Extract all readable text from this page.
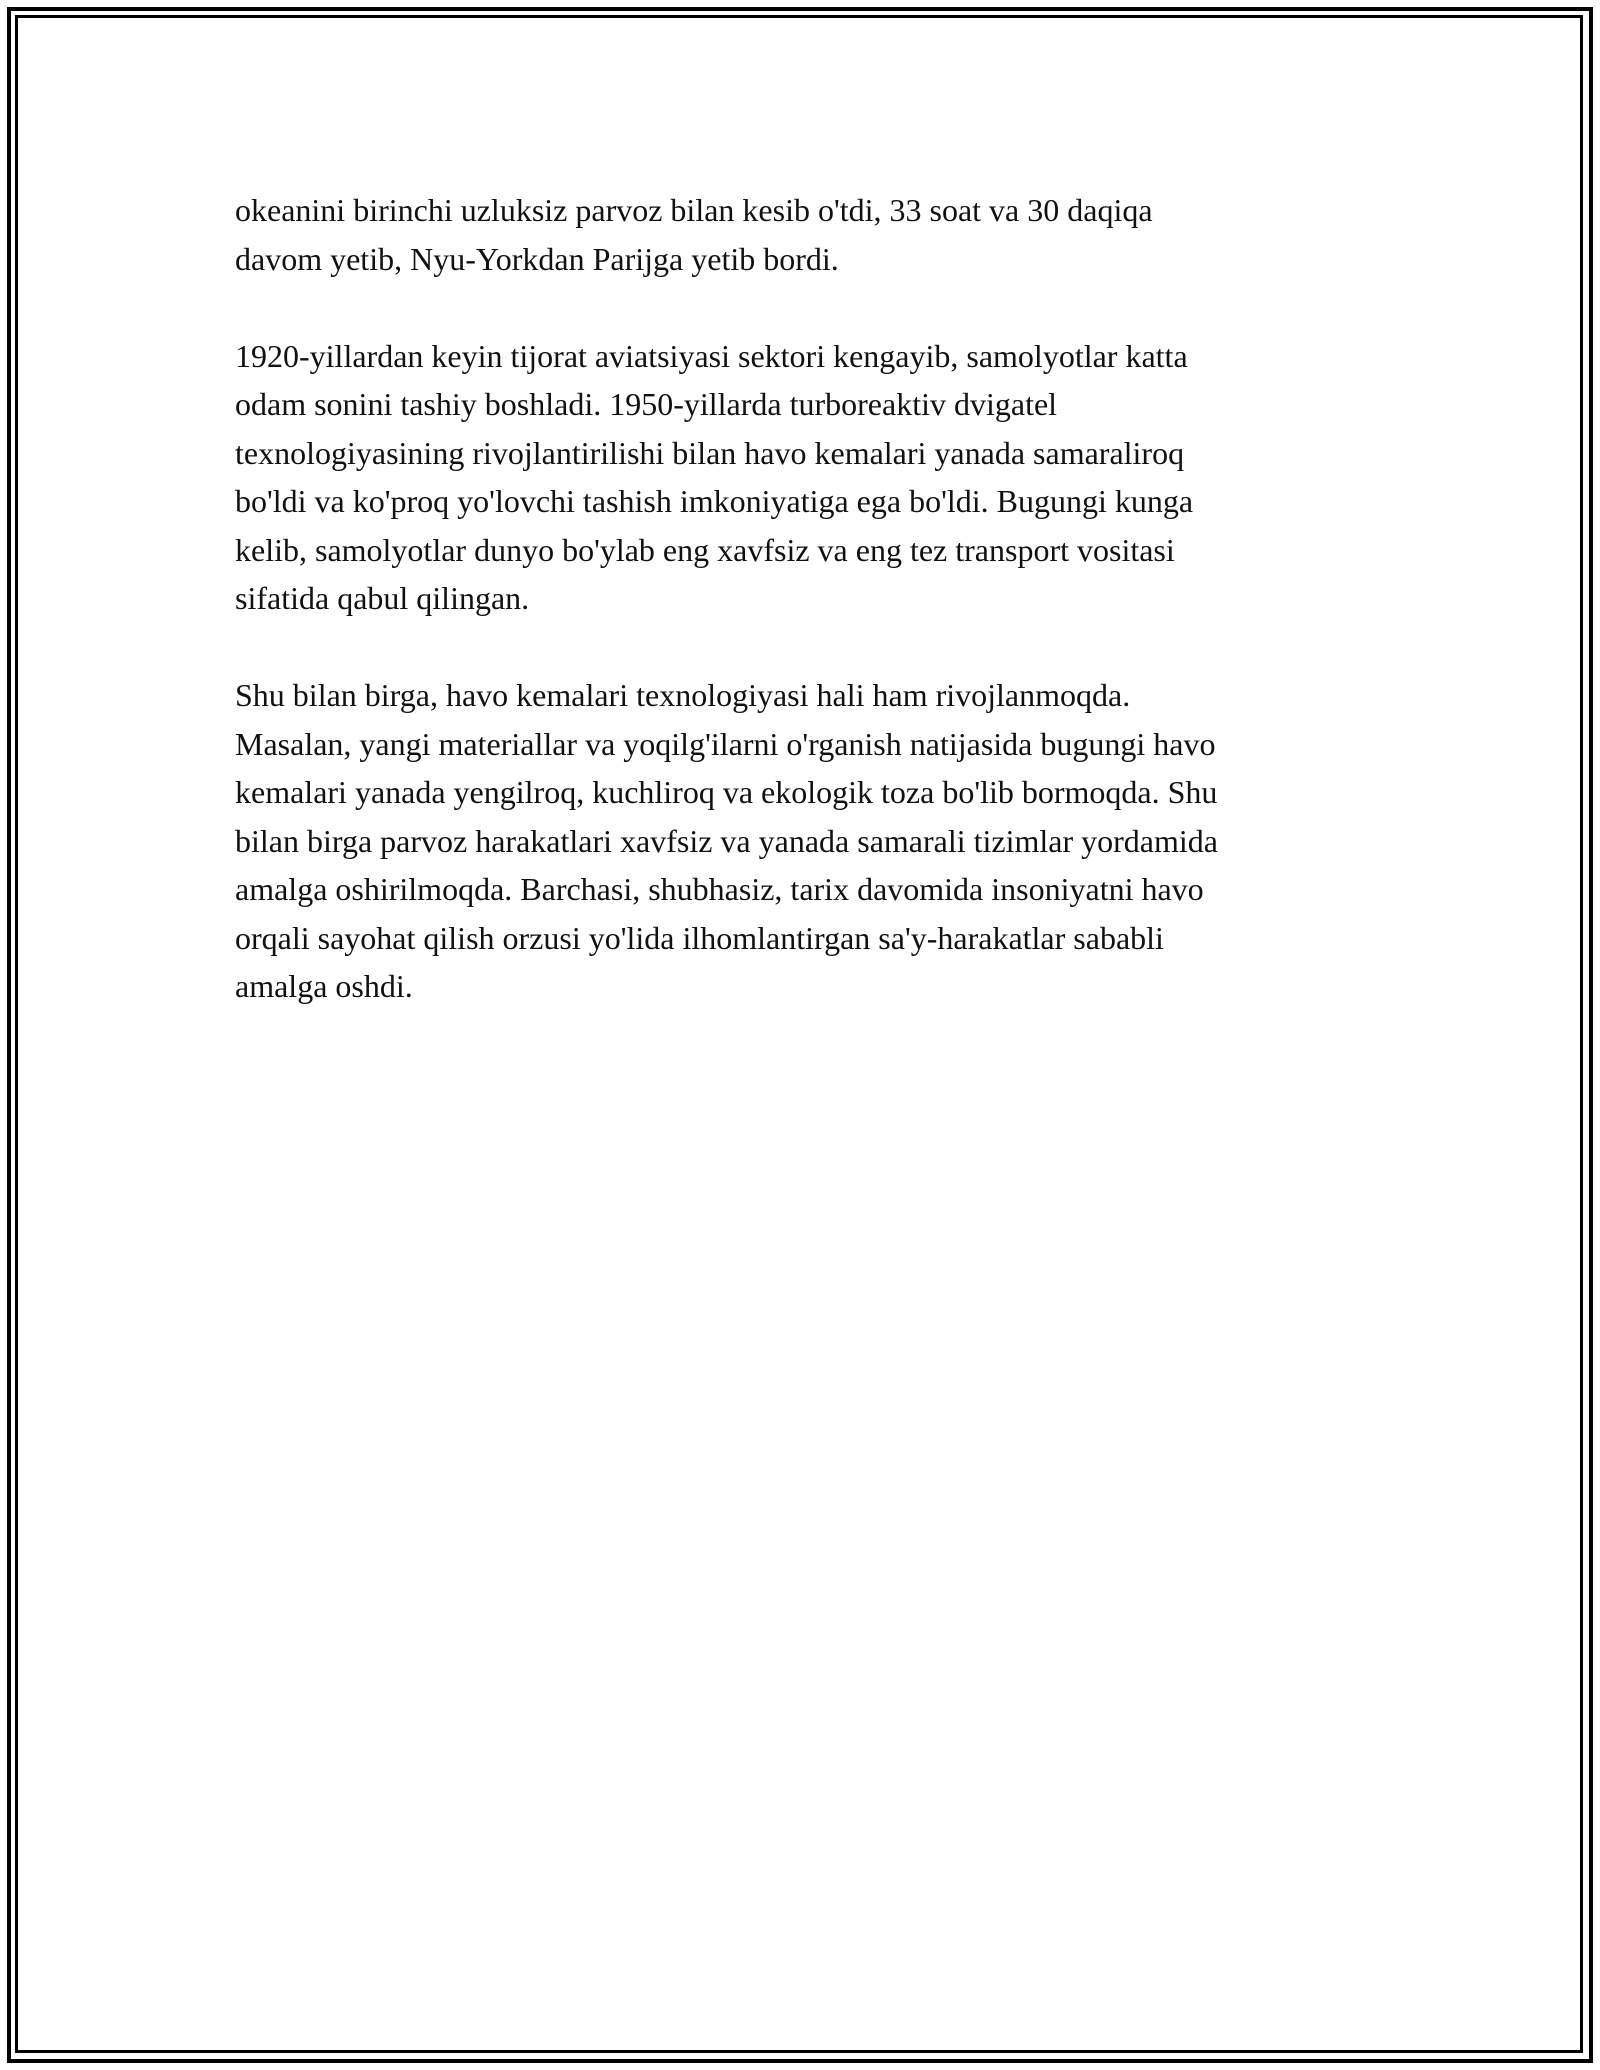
okeanini birinchi uzluksiz parvoz bilan kesib o'tdi, 33 soat va 30 daqiqa
davom yetib, Nyu-Yorkdan Parijga yetib bordi.

1920-yillardan keyin tijorat aviatsiyasi sektori kengayib, samolyotlar katta
odam sonini tashiy boshladi. 1950-yillarda turboreaktiv dvigatel
texnologiyasining rivojlantirilishi bilan havo kemalari yanada samaraliroq
bo'ldi va ko'proq yo'lovchi tashish imkoniyatiga ega bo'ldi. Bugungi kunga
kelib, samolyotlar dunyo bo'ylab eng xavfsiz va eng tez transport vositasi
sifatida qabul qilingan.

Shu bilan birga, havo kemalari texnologiyasi hali ham rivojlanmoqda.
Masalan, yangi materiallar va yoqilg'ilarni o'rganish natijasida bugungi havo
kemalari yanada yengilroq, kuchliroq va ekologik toza bo'lib bormoqda. Shu
bilan birga parvoz harakatlari xavfsiz va yanada samarali tizimlar yordamida
amalga oshirilmoqda. Barchasi, shubhasiz, tarix davomida insoniyatni havo
orqali sayohat qilish orzusi yo'lida ilhomlantirgan sa'y-harakatlar sababli
amalga oshdi.
